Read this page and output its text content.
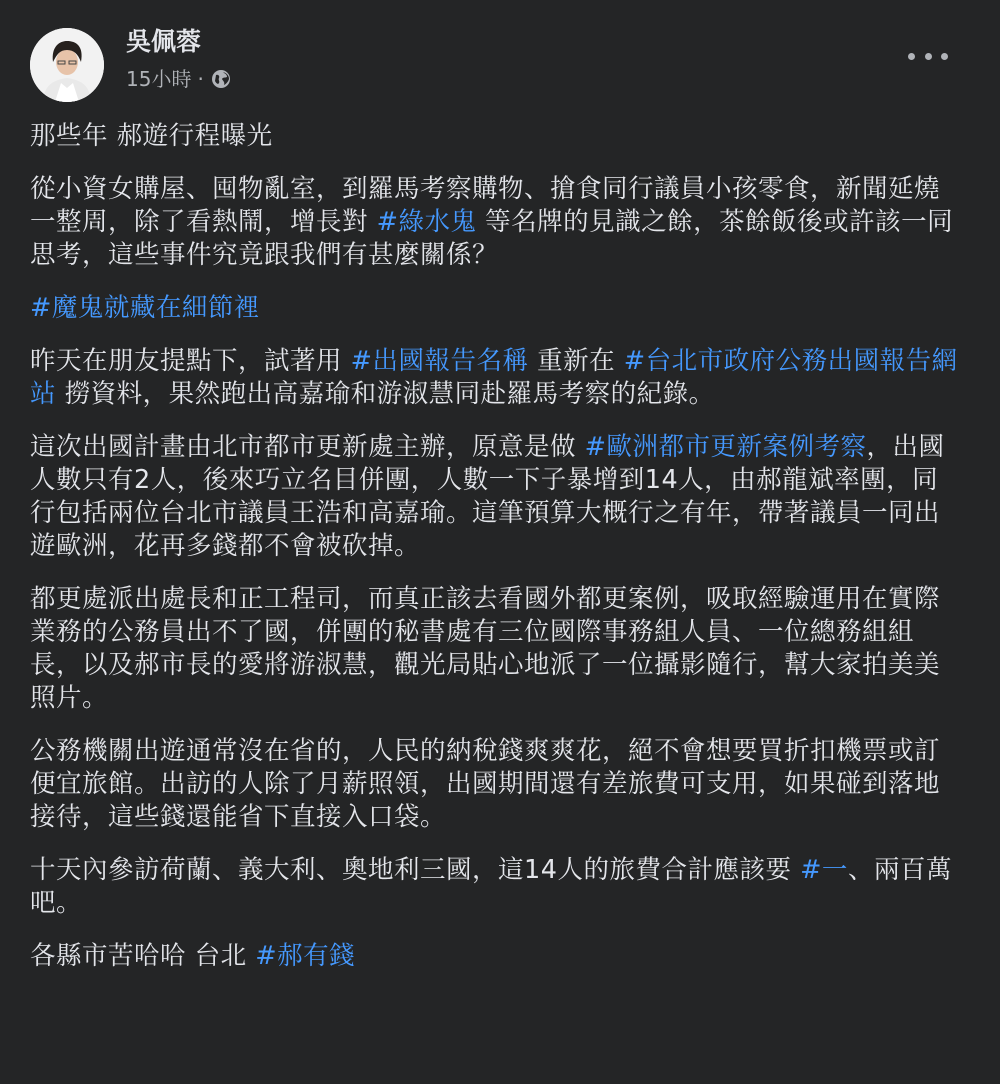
吳佩蓉
15小時 ·

那些年 郝遊行程曝光

從小資女購屋、囤物亂室，到羅馬考察購物、搶食同行議員小孩零食，新聞延燒一整周，除了看熱鬧，增長對 #綠水鬼 等名牌的見識之餘，茶餘飯後或許該一同思考，這些事件究竟跟我們有甚麼關係？

#魔鬼就藏在細節裡

昨天在朋友提點下，試著用 #出國報告名稱 重新在 #台北市政府公務出國報告網站 撈資料，果然跑出高嘉瑜和游淑慧同赴羅馬考察的紀錄。

這次出國計畫由北市都市更新處主辦，原意是做 #歐洲都市更新案例考察，出國人數只有2人，後來巧立名目併團，人數一下子暴增到14人，由郝龍斌率團，同行包括兩位台北市議員王浩和高嘉瑜。這筆預算大概行之有年，帶著議員一同出遊歐洲，花再多錢都不會被砍掉。

都更處派出處長和正工程司，而真正該去看國外都更案例，吸取經驗運用在實際業務的公務員出不了國，併團的秘書處有三位國際事務組人員、一位總務組組長，以及郝市長的愛將游淑慧，觀光局貼心地派了一位攝影隨行，幫大家拍美美照片。

公務機關出遊通常沒在省的，人民的納稅錢爽爽花，絕不會想要買折扣機票或訂便宜旅館。出訪的人除了月薪照領，出國期間還有差旅費可支用，如果碰到落地接待，這些錢還能省下直接入口袋。

十天內參訪荷蘭、義大利、奧地利三國，這14人的旅費合計應該要 #一、兩百萬吧。

各縣市苦哈哈 台北 #郝有錢
